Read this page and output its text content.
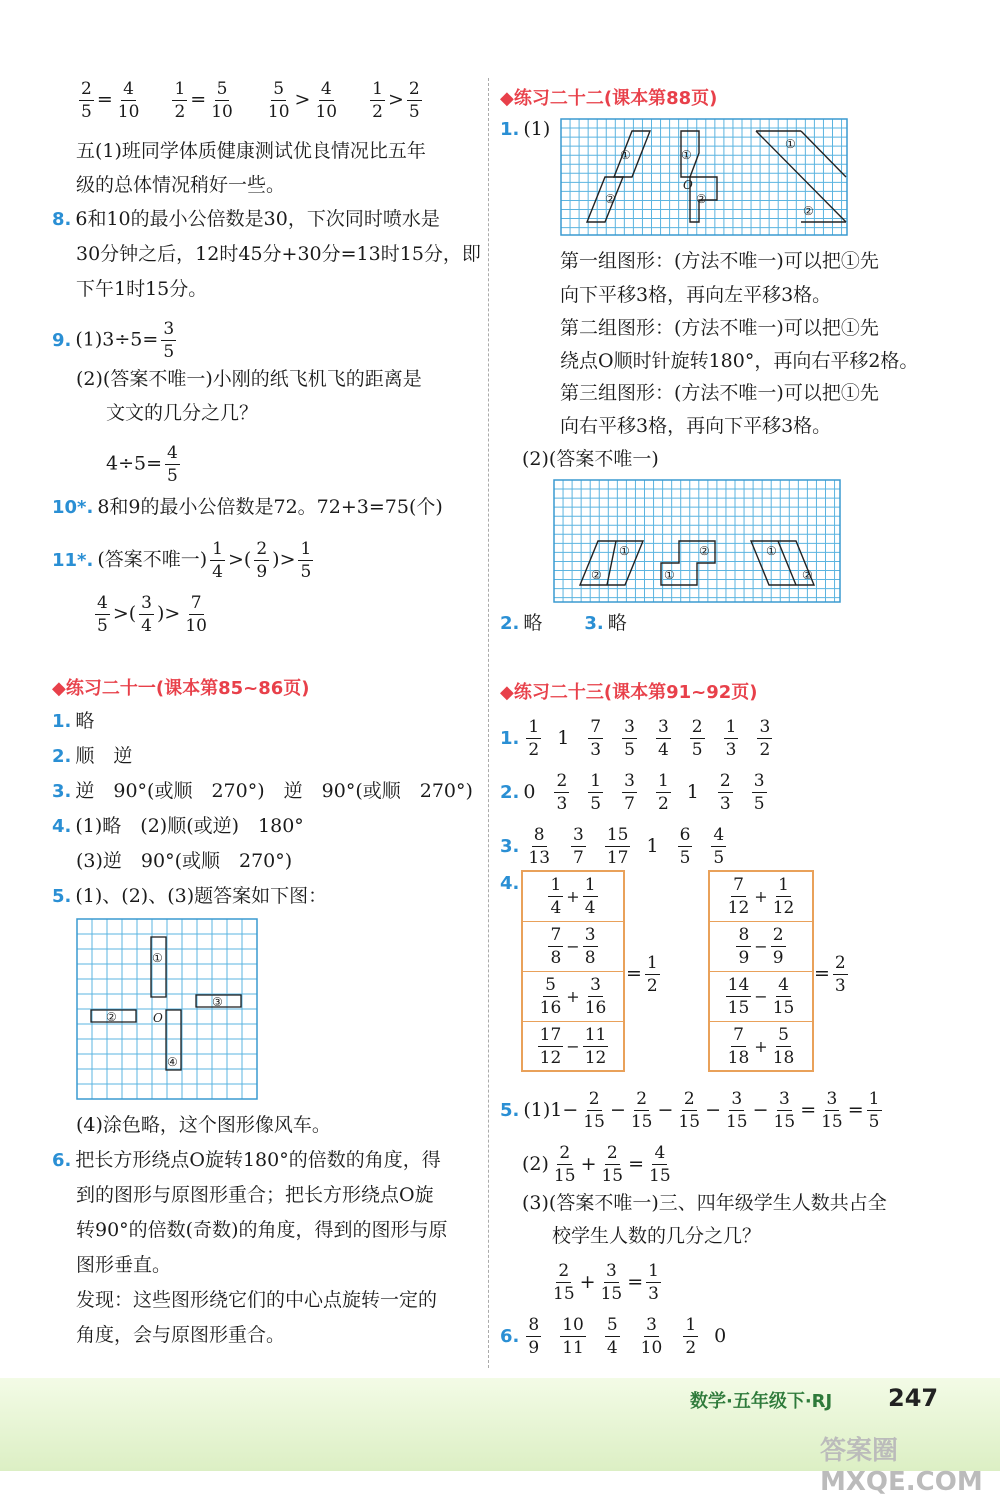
$\frac{2}{5} = \frac{4}{10}$
$\frac{1}{2} = \frac{5}{10}$
$\frac{5}{10} > \frac{4}{10}$
$\frac{1}{2} > \frac{2}{5}$
五(1)班同学体质健康测试优良情况比五年
级的总体情况稍好一些。
8. 6和10的最小公倍数是30，下次同时喷水是
30分钟之后，12时45分+30分=13时15分，即
下午1时15分。
9. $(1)3\div 5= \frac{3}{5}$
(2)(答案不唯一)小刚的纸飞机飞的距离是
文文的几分之几？
$4\div 5= \frac{4}{5}$
10*. 8和9的最小公倍数是72。72+3=75(个)
11*. (答案不唯一) $\frac{1}{4}$ >( $\frac{2}{9}$ )> $\frac{1}{5}$
$\frac{4}{5}$ >( $\frac{3}{4}$ )> $\frac{7}{10}$
◆练习二十一(课本第85~86页)
1. 略
2. 顺　逆
3. 逆　90°(或顺　270°)　逆　90°(或顺　270°)
4. (1)略　(2)顺(或逆)　180°
(3)逆　90°(或顺　270°)
5. (1)、(2)、(3)题答案如下图：
①
②
③
④
O
(4)涂色略，这个图形像风车。
6. 把长方形绕点O旋转180°的倍数的角度，得
到的图形与原图形重合；把长方形绕点O旋
转90°的倍数(奇数)的角度，得到的图形与原
图形垂直。
发现：这些图形绕它们的中心点旋转一定的
角度，会与原图形重合。
◆练习二十二(课本第88页)
1. (1)
①
②
①
②
O
①
②
第一组图形：(方法不唯一)可以把①先
向下平移3格，再向左平移3格。
第二组图形：(方法不唯一)可以把①先
绕点O顺时针旋转180°，再向右平移2格。
第三组图形：(方法不唯一)可以把①先
向右平移3格，再向下平移3格。
(2)(答案不唯一)
①
②
②
①
①
②
2. 略 3. 略
◆练习二十三(课本第91~92页)
1. $\frac{1}{2} 1 \frac{7}{3} \frac{3}{5} \frac{3}{4} \frac{2}{5} \frac{1}{3} \frac{3}{2}$
2. $0 \frac{2}{3} \frac{1}{5} \frac{3}{7} \frac{1}{2} 1 \frac{2}{3} \frac{3}{5}$
3. $\frac{8}{13} \frac{3}{7} \frac{15}{17} 1 \frac{6}{5} \frac{4}{5}$
4. $\frac{1}{4} + \frac{1}{4}$
$\frac{7}{8} - \frac{3}{8}$
$\frac{5}{16} + \frac{3}{16}$
$\frac{17}{12} - \frac{11}{12}$
= $\frac{1}{2}$
$\frac{7}{12} + \frac{1}{12}$
$\frac{8}{9} - \frac{2}{9}$
$\frac{14}{15} - \frac{4}{15}$
$\frac{7}{18} + \frac{5}{18}$
= $\frac{2}{3}$
5. $(1)1- \frac{2}{15} - \frac{2}{15} - \frac{2}{15} - \frac{3}{15} - \frac{3}{15} = \frac{3}{15} = \frac{1}{5}$
$(2) \frac{2}{15} + \frac{2}{15} = \frac{4}{15}$
(3)(答案不唯一)三、四年级学生人数共占全
校学生人数的几分之几？
$\frac{2}{15} + \frac{3}{15} = \frac{1}{3}$
6. $\frac{8}{9} \frac{10}{11} \frac{5}{4} \frac{3}{10} \frac{1}{2} 0$
数学·五年级下·RJ 247
答案圈 MXQE.COM
